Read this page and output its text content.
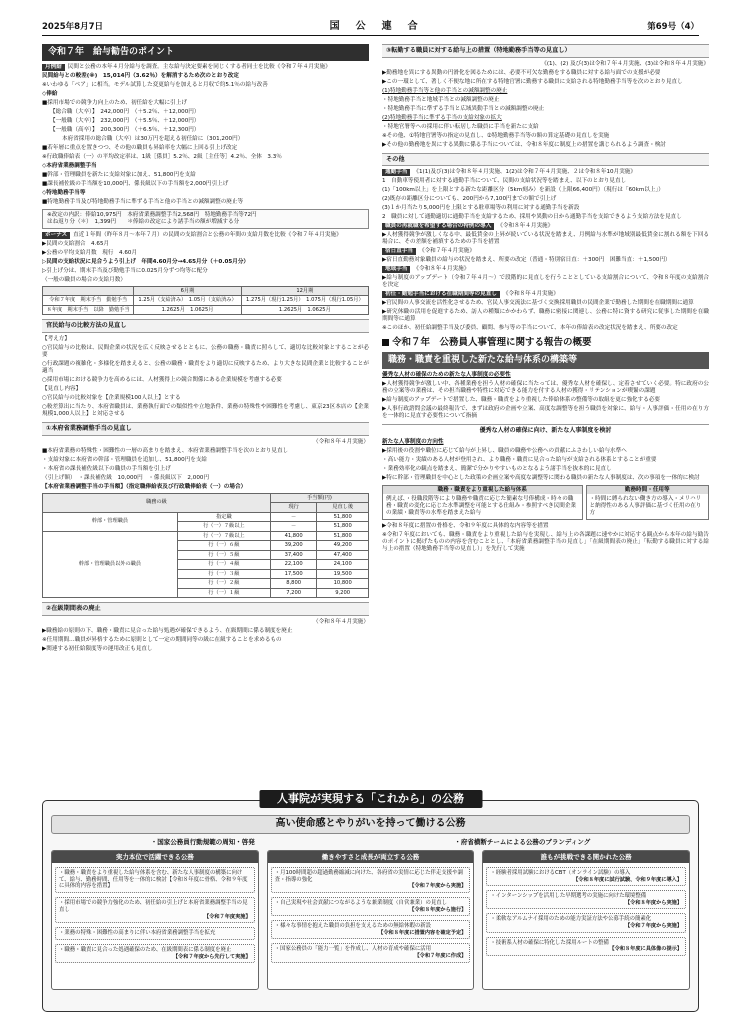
2025年8月7日	国　公　連　合	第69号（4）
令和７年　給与勧告のポイント
月例給 民間と公務の本年４月分給与を調査。主な給与決定要素を同じくする者同士を比較《令和７年４月実施》
民間給与との較差(※)　15,014円（3.62％）を解消するため次のとおり改定
※いわゆる「ベア」に相当。モデル試算した変更給与を加えると月収で約5.1％の給与改善
◇俸給
■採用市場での競争力向上のため、初任給を大幅に引上げ
【総合職（大卒）】　242,000円　（＋5.2％、＋12,000円）
【一般職（大卒）】　232,000円　（＋5.5％、＋12,000円）
【一般職（高卒）】　200,300円　（＋6.5％、＋12,300円）
本府省採用の総合職（大卒）は30万円を超える初任給に（301,200円）
■若年層に重点を置きつつ、その他の職員も昇給率を大幅に上回る引上げ改定
※行政職俸給表（一）の平均改定率は、1級［係員］5.2％、2級［主任等］4.2％、全体　3.3％
◇本府省業務調整手当
■幹部・管理職員を新たに支給対象に加え、51,800円を支給
■課長補佐級の手当額を10,000円、係長級以下の手当額を2,000円引上げ
◇特地勤務手当等
■特地勤務手当及び特地勤務手当に準ずる手当と他の手当との減額調整の廃止等
※改定の内訳：俸給10,975円　本府省業務調整手当2,568円　特地勤務手当等72円
はね返り分（＊）　1,399円　　＊俸給の改定により諸手当の額が増減する分
ボーナス 直近１年間（昨年８月～本年７月）の民間の支給割合と公務の年間の支給月数を比較《令和７年４月実施》
▶民間の支給割合　4.65月
▶公務の平均支給月数　現行　4.60月
▷民間の支給状況に見合うよう引上げ　年間4.60月分→4.65月分（＋0.05月分）
▷引上げ分は、期末手当及び勤勉手当に0.025月分ずつ均等に配分
（一般の職員の場合の支給月数）
	6月期	12月期
令和７年度　期末手当　勤勉手当	1.25月（支給済み）　1.05月（支給済み）	1.275月（現行1.25月）　1.075月（現行1.05月）
８年度　期末手当　以降　勤勉手当	1.2625月　1.0625月	1.2625月　1.0625月
官民給与の比較方法の見直し
【考え方】
○官民給与の比較は、民間企業の状況を広く反映させるとともに、公務の職務・職責に照らして、適切な比較対象とすることが必要
○行政課題の複雑化・多様化を踏まえると、公務の職務・職責をより適切に反映するため、より大きな民間企業と比較することが適当
○採用市場における競争力を高めるには、人材獲得上の競合関係にある企業規模を考慮する必要
【見直し内容】
○官民給与の比較対象を【企業規模100人以上】とする
○較差算出に当たり、本府省職員は、業務執行面での類似性や立地条件、業務の特殊性や困難性を考慮し、東京23区本店の【企業規模1,000人以上】と対応させる
①本府省業務調整手当の見直し
（令和８年４月実施）
■本府省業務の特殊性・困難性の一層の高まりを踏まえ、本府省業務調整手当を次のとおり見直し
・支給対象に本府省の幹部・管理職員を追加し、51,800円を支給
・本府省の課長補佐級以下の職員の手当額を引上げ
（引上げ額）　・課長補佐級　10,000円　・係長級以下　2,000円
【本府省業務調整手当の手当額】（指定職俸給表及び行政職俸給表（一）の場合）
職務の級		手当額(円)	
		現行	見直し後
幹部・管理職員	指定職	－	51,800
	行（一）７級以上	－	51,800
幹部・管理職員以外の職員	行（一）７級以上	41,800	51,800
	行（一）６級	39,200	49,200
	行（一）５級	37,400	47,400
	行（一）４級	22,100	24,100
	行（一）３級	17,500	19,500
	行（一）２級	8,800	10,800
	行（一）１級	7,200	9,200
②在級期間表の廃止
（令和８年４月実施）
▶職務給の原則の下、職務・職責に見合った給与処遇が確保できるよう、在級期間に係る制度を廃止
※任用期間…職員が昇格するために原則として一定の期間同等の級に在級することを求めるもの
▶関連する初任給限度等の運用改正も見直し
③転勤する職員に対する給与上の措置（特地勤務手当等の見直し）
《(1)、(2) 及び(3)は令和７年４月実施、(3)は令和８年４月実施》
▶勤務地を異にする異動の円滑化を図るためには、必要不可欠な勤務をする職員に対する給与面での支援が必要
▶この一環として、著しく不便な地に所在する特地官署に勤務する職員に支給される特地勤務手当等を次のとおり見直し
(1)特地勤務手当等と他の手当との減額調整の廃止
・特地勤務手当と地域手当との減額調整の廃止
・特地勤務手当に準ずる手当と広域異動手当との減額調整の廃止
(2)特地勤務手当に準ずる手当の支給対象の拡大
・特地官署等への採用に伴い転居した職員に手当を新たに支給
※その他、①特地官署等の指定の見直し、②特地勤務手当等の額の算定基礎の見直しを実施
▶その他の勤務地を異にする異動に係る手当については、令和８年度に制度上の措置を講じられるよう調査・検討
その他
通勤手当 《1(1)及び(3)は令和８年４月実施、1(2)は令和７年４月実施、２は令和８年10月実施》
1　自動車等使用者に対する通勤手当について、民間の支給状況等を踏まえ、以下のとおり見直し
(1)「100km以上」を上限とする新たな距離区分（5km刻み）を新設（上限66,400円）（現行は「60km以上」）
(2)既存の距離区分についても、200円から7,100円までの額で引上げ
(3)１か月当たり5,000円を上限とする駐車場等の利用に対する通勤手当を新設
2　職員に対して通勤適切に通勤手当を支給するため、採用や異動の日から通勤手当を支給できるよう支給方法を見直し
職員の再就職を希望する場合の特例の導入 《令和８年４月実施》
▶人材獲得競争が激しくなる中、最低賃金の上昇が続いている状況を踏まえ、月例給与水準が地域別最低賃金に割れる額を下回る場合に、その差額を補填するための手当を措置
宿日直手当 《令和７年４月実施》
▶宿日直勤務対象職員の給与の状況を踏まえ、所要の改定（普通・特別宿日直：＋300円　困難当直：＋1,500円）
地域手当 《令和８年４月実施》
▶給与制度のアップデート（令和７年４月～）で段階的に見直しを行うこととしている支給割合について、令和８年度の支給割合を決定
初任・勤勉手当における在職期間等の見直し 《令和８年４月実施》
▶官民間の人事交流を活性化させるため、官民人事交流法に基づく交換採用職員の民間企業で勤務した期間を在職期間に通算
▶研究休職の活用を促進するため、訪人の種類にかかわらず、職務に密接に関連し、公務に特に資する研究に従事した期間を在職期間等に通算
※このほか、初任給調整手当及び委員、顧問、参与等の手当について、本年の俸給表の改定状況を踏まえ、所要の改定
令和７年　公務員人事管理に関する報告の概要
職務・職責を重視した新たな給与体系の構築等
優秀な人材の確保のための新たな人事制度の必要性
▶人材獲得競争が激しい中、各種業務を担う人材の確保に当たっては、優秀な人材を確保し、定着させていく必要。特に政府の公務の立案等の業務は、その担当職務や特性に対応できる能力を付する人材の獲得・リテンションが喫緊の課題
▶給与制度のアップデートで措置した、職務・職責をより重視した俸給体系の整備等の取組を更に強化する必要
▶人事行政諮問会議の最終報告で、まずは政府の企画や立案、高度な調整等を担う職員を対象に、給与・人事評価・任用の在り方を一体的に見直す必要性について指摘
優秀な人材の確保に向け、新たな人事制度を検討
新たな人事制度の方向性
▶採用後の役割や職位に応じて給与が上昇し、職員の職務や公務への貢献にふさわしい給与水準へ
・高い能力・実績のある人材が登用され、より職務・職責に見合った給与が支給される体系とすることが重要
・業務効率化の観点を踏まえ、簡潔で分かりやすいものとなるよう諸手当を抜本的に見直し
▶特に幹部・管理職員を中心とした政策の企画立案や高度な調整等に関わる職員の新たな人事制度は、次の事項を一体的に検討
職務・職責をより重視した給与体系
例えば、・役職段階等により職務や職責に応じた簡素な号俸構成・時々の職務・職責の変化に応じた水準調整を可能とする仕組み・参照すべき民間企業の業績・職責等の水準を踏まえた給与
勤務時間・任用等
・時間に縛られない働き方の導入・メリハリと納得性のある人事評価に基づく任用の在り方
▶令和８年度に措置の骨格を、令和９年度に具体的な内容等を措置
※令和７年度においても、職務・職責をより重視した給与を実現し、給与上の各課題に速やかに対応する観点から本年の給与勧告のポイントに掲げたものの内容を含むこととし、「本府省業務調整手当の見直し」「在級期間表の廃止」「転勤する職員に対する給与上の措置（特地勤務手当等の見直し）」を先行して実施
人事院が実現する「これから」の公務
高い使命感とやりがいを持って働ける公務
・国家公務員行動規範の周知・啓発	・府省横断チームによる公務のブランディング
実力本位で活躍できる公務
・職務・職責をより重視した給与体系を含む、新たな人事制度の構築に向けて、給与、勤務時間、任用等を一体的に検討【令和８年度に骨格、令和９年度に具体的内容を措置】
・採用市場での競争力強化のため、初任給の引上げと本府省業務調整手当の見直し
【令和７年度実施】
・業務の特殊・困難性の高まりに伴い本府省業務調整手当を拡充
・職務・職責に見合った処遇確保のため、在級期間表に係る制度を廃止
【令和７年度から先行して実施】
働きやすさと成長が両立する公務
・月100時間超の超過勤務縮減に向けた、各府省の実情に応じた伴走支援や調査・指導の強化
【令和７年度から実施】
・自己実現や社会貢献につながるような兼業制度（自営兼業）の見直し
【令和８年度から施行】
・様々な事情を抱えた職員の負担を支えるための無給休暇の新設
【令和８年度に措置内容を確定予定】
・国家公務員の「能力一覧」を作成し、人材の育成や確保に活用
【令和７年度に作成】
誰もが挑戦できる開かれた公務
・経験者採用試験におけるCBT（オンライン試験）の導入
【令和８年度に試行試験、令和９年度に導入】
・インターンシップを活用した早期選考の実施に向けた環境整備
【令和８年度から実施】
・柔軟なアルムナイ採用のための能力実証方法や公募手続の簡素化
【令和７年度から実施】
・技術系人材の確保に特化した採用ルートの整備
【令和８年度に具体像の提示】
